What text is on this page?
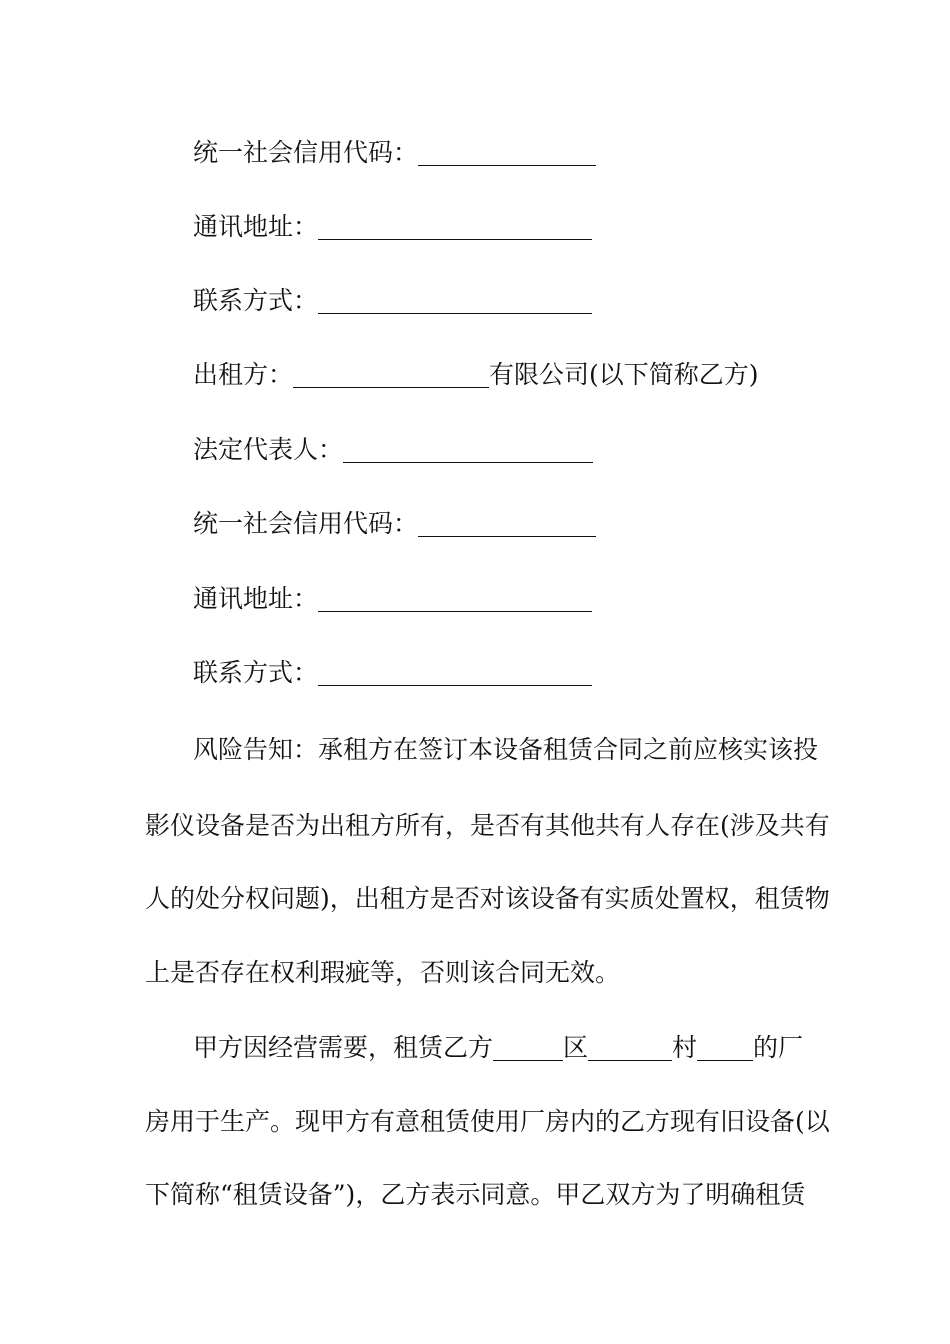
统一社会信用代码：
通讯地址：
联系方式：
出租方：	有限公司(以下简称乙方)
法定代表人：
统一社会信用代码：
通讯地址：
联系方式：
风险告知：承租方在签订本设备租赁合同之前应核实该投
影仪设备是否为出租方所有，是否有其他共有人存在(涉及共有
人的处分权问题)，出租方是否对该设备有实质处置权，租赁物
上是否存在权利瑕疵等，否则该合同无效。
甲方因经营需要，租赁乙方	区	村 的厂
房用于生产。现甲方有意租赁使用厂房内的乙方现有旧设备(以
下简称“租赁设备”)，乙方表示同意。甲乙双方为了明确租赁
